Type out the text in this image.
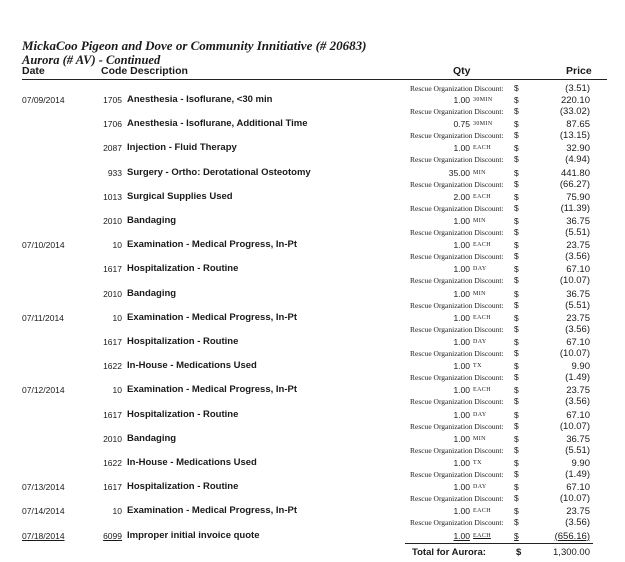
MickaCoo Pigeon and Dove or Community Innitiative (# 20683)
Aurora (# AV) - Continued
Date	Code Description	Qty	Price
Rescue Organization Discount: $	(3.51)
07/09/2014	1705 Anesthesia - Isoflurane, <30 min	1.00 30MIN	$	220.10
Rescue Organization Discount: $	(33.02)
1706 Anesthesia - Isoflurane, Additional Time	0.75 30MIN	$	87.65
Rescue Organization Discount: $	(13.15)
2087 Injection - Fluid Therapy	1.00 EACH	$	32.90
Rescue Organization Discount: $	(4.94)
933 Surgery - Ortho: Derotational Osteotomy	35.00 MIN	$	441.80
Rescue Organization Discount: $	(66.27)
1013 Surgical Supplies Used	2.00 EACH	$	75.90
Rescue Organization Discount: $	(11.39)
2010 Bandaging	1.00 MIN	$	36.75
Rescue Organization Discount: $	(5.51)
07/10/2014	10 Examination - Medical Progress, In-Pt	1.00 EACH	$	23.75
Rescue Organization Discount: $	(3.56)
1617 Hospitalization - Routine	1.00 DAY	$	67.10
Rescue Organization Discount: $	(10.07)
2010 Bandaging	1.00 MIN	$	36.75
Rescue Organization Discount: $	(5.51)
07/11/2014	10 Examination - Medical Progress, In-Pt	1.00 EACH	$	23.75
Rescue Organization Discount: $	(3.56)
1617 Hospitalization - Routine	1.00 DAY	$	67.10
Rescue Organization Discount: $	(10.07)
1622 In-House - Medications Used	1.00 TX	$	9.90
Rescue Organization Discount: $	(1.49)
07/12/2014	10 Examination - Medical Progress, In-Pt	1.00 EACH	$	23.75
Rescue Organization Discount: $	(3.56)
1617 Hospitalization - Routine	1.00 DAY	$	67.10
Rescue Organization Discount: $	(10.07)
2010 Bandaging	1.00 MIN	$	36.75
Rescue Organization Discount: $	(5.51)
1622 In-House - Medications Used	1.00 TX	$	9.90
Rescue Organization Discount: $	(1.49)
07/13/2014	1617 Hospitalization - Routine	1.00 DAY	$	67.10
Rescue Organization Discount: $	(10.07)
07/14/2014	10 Examination - Medical Progress, In-Pt	1.00 EACH	$	23.75
Rescue Organization Discount: $	(3.56)
07/18/2014	6099 Improper initial invoice quote	1.00 EACH	$	(656.16)
Total for Aurora:	$	1,300.00
